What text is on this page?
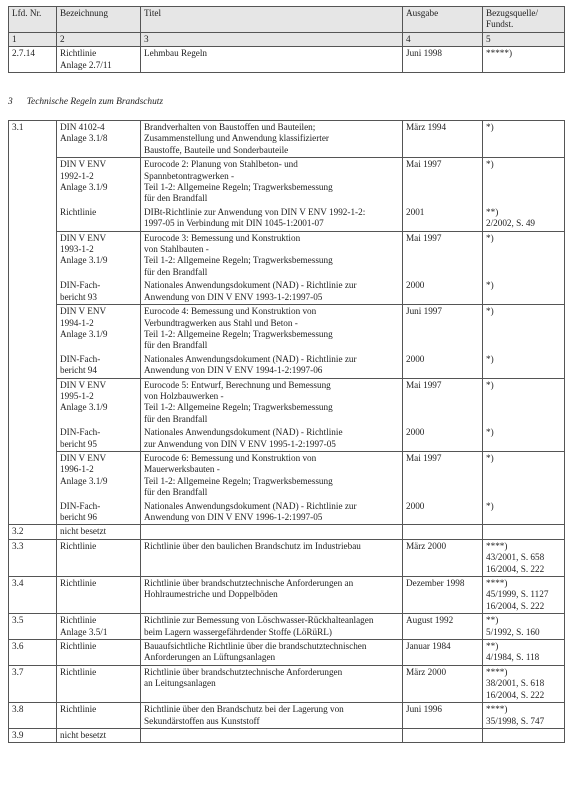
Lfd. Nr.	Bezeichnung	Titel	Ausgabe	Bezugsquelle/ Fundst.
1	2	3	4	5
2.7.14	Richtlinie
Anlage 2.7/11	Lehmbau Regeln	Juni 1998	*****)
3 Technische Regeln zum Brandschutz
3.1	DIN 4102-4
Anlage 3.1/8	Brandverhalten von Baustoffen und Bauteilen;
Zusammenstellung und Anwendung klassifizierter
Baustoffe, Bauteile und Sonderbauteile	März 1994	*)

	DIN V ENV
1992-1-2
Anlage 3.1/9	Eurocode 2: Planung von Stahlbeton- und
Spannbetontragwerken -
Teil 1-2: Allgemeine Regeln; Tragwerksbemessung
für den Brandfall	Mai 1997	*)

	Richtlinie	DIBt-Richtlinie zur Anwendung von DIN V ENV 1992-1-2:
1997-05 in Verbindung mit DIN 1045-1:2001-07	2001	**)
2/2002, S. 49

	DIN V ENV
1993-1-2
Anlage 3.1/9	Eurocode 3: Bemessung und Konstruktion
von Stahlbauten -
Teil 1-2: Allgemeine Regeln; Tragwerksbemessung
für den Brandfall	Mai 1997	*)

	DIN-Fach-
bericht 93	Nationales Anwendungsdokument (NAD) - Richtlinie zur
Anwendung von DIN V ENV 1993-1-2:1997-05	2000	*)

	DIN V ENV
1994-1-2
Anlage 3.1/9	Eurocode 4: Bemessung und Konstruktion von
Verbundtragwerken aus Stahl und Beton -
Teil 1-2: Allgemeine Regeln; Tragwerksbemessung
für den Brandfall	Juni 1997	*)

	DIN-Fach-
bericht 94	Nationales Anwendungsdokument (NAD) - Richtlinie zur
Anwendung von DIN V ENV 1994-1-2:1997-06	2000	*)

	DIN V ENV
1995-1-2
Anlage 3.1/9	Eurocode 5: Entwurf, Berechnung und Bemessung
von Holzbauwerken -
Teil 1-2: Allgemeine Regeln; Tragwerksbemessung
für den Brandfall	Mai 1997	*)

	DIN-Fach-
bericht 95	Nationales Anwendungsdokument (NAD) - Richtlinie
zur Anwendung von DIN V ENV 1995-1-2:1997-05	2000	*)

	DIN V ENV
1996-1-2
Anlage 3.1/9	Eurocode 6: Bemessung und Konstruktion von
Mauerwerksbauten -
Teil 1-2: Allgemeine Regeln; Tragwerksbemessung
für den Brandfall	Mai 1997	*)

	DIN-Fach-
bericht 96	Nationales Anwendungsdokument (NAD) - Richtlinie zur
Anwendung von DIN V ENV 1996-1-2:1997-05	2000	*)

3.2	nicht besetzt			

3.3	Richtlinie	Richtlinie über den baulichen Brandschutz im Industriebau	März 2000	****)
43/2001, S. 658
16/2004, S. 222

3.4	Richtlinie	Richtlinie über brandschutztechnische Anforderungen an
Hohlraumestriche und Doppelböden	Dezember 1998	****)
45/1999, S. 1127
16/2004, S. 222

3.5	Richtlinie
Anlage 3.5/1	Richtlinie zur Bemessung von Löschwasser-Rückhalteanlagen
beim Lagern wassergefährdender Stoffe (LöRüRL)	August 1992	**)
5/1992, S. 160

3.6	Richtlinie	Bauaufsichtliche Richtlinie über die brandschutztechnischen
Anforderungen an Lüftungsanlagen	Januar 1984	**)
4/1984, S. 118

3.7	Richtlinie	Richtlinie über brandschutztechnische Anforderungen
an Leitungsanlagen	März 2000	****)
38/2001, S. 618
16/2004, S. 222

3.8	Richtlinie	Richtlinie über den Brandschutz bei der Lagerung von
Sekundärstoffen aus Kunststoff	Juni 1996	****)
35/1998, S. 747

3.9	nicht besetzt			
